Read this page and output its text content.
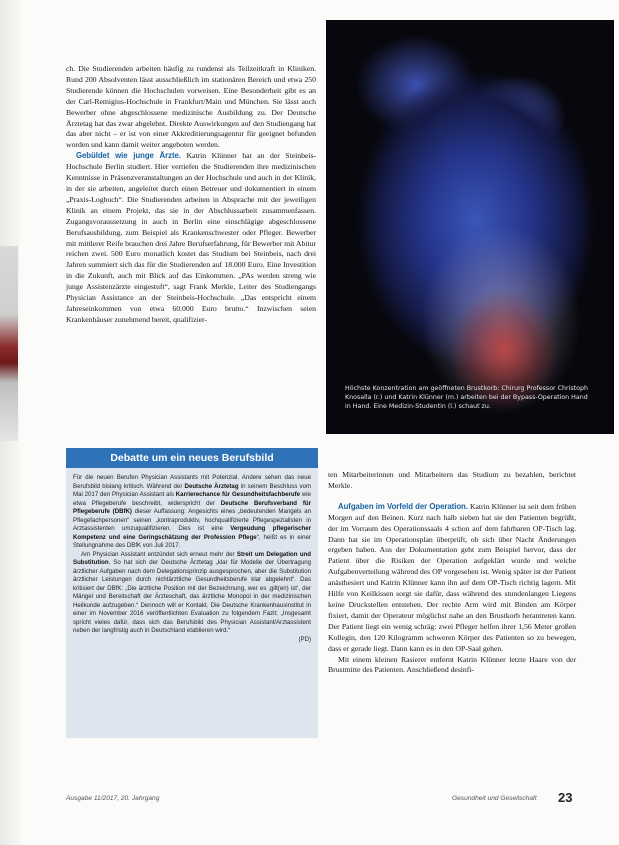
ch. Die Studierenden arbeiten häufig zu rundenst als Teilzeitkraft in Kliniken. Rund 200 Absolventen lässt ausschließlich im stationären Bereich und etwa 250 Studierende können die Hochschulen vorweisen. Eine Besonderheit gibt es an der Carl-Remigius-Hochschule in Frankfurt/Main und München. Sie lässt auch Bewerber ohne abgeschlossene medizinische Ausbildung zu. Der Deutsche Ärztetag hat das zwar abgelehnt. Direkte Auswirkungen auf den Studiengang hat das aber nicht – er ist von einer Akkreditierungsagentur für geeignet befunden worden und kann damit weiter angeboten werden.

Gebüldet wie junge Ärzte. Katrin Klünner hat an der Steinbeis-Hochschule Berlin studiert. Hier vertiefen die Studierenden ihre medizinischen Kenntnisse in Präsenzveranstaltungen an der Hochschule und auch in der Klinik, in der sie arbeiten, angeleitet durch einen Betreuer und dokumentiert in einem „Praxis-Logbuch“. Die Studierenden arbeiten in Absprache mit der jeweiligen Klinik an einem Projekt, das sie in der Abschlussarbeit zusammenfassen. Zugangsvoraussetzung in auch in Berlin eine einschlägige abgeschlossene Berufsausbildung, zum Beispiel als Krankenschwester oder Pfleger. Bewerber mit mittlerer Reife brauchen drei Jahre Berufserfahrung, für Bewerber mit Abitur reichen zwei. 500 Euro monatlich kostet das Studium bei Steinbeis, nach drei Jahren summiert sich das für die Studierenden auf 18.000 Euro. Eine Investition in die Zukunft, auch mit Blick auf das Einkommen. „PAs werden streng wie junge Assistenzärzte eingestuft“, sagt Frank Merkle, Leiter des Studiengangs Physician Assistance an der Steinbeis-Hochschule. „Das entspricht einem Jahreseinkommen von etwa 60.000 Euro brutto.“ Inzwischen seien Krankenhäuser zunehmend bereit, qualifizier-

Höchste Konzentration am geöffneten Brustkorb: Chirurg Professor Christoph Knosalla (r.) und Katrin Klünner (m.) arbeiten bei der Bypass-Operation Hand in Hand. Eine Medizin-Studentin (l.) schaut zu.
Debatte um ein neues Berufsbild

Für die neuen Berufen Physician Assistants mit Potenzial. Andere sehen das neue Berufsbild bislang kritisch. Während der Deutsche Ärztetag in seinem Beschluss vom Mai 2017 den Physician Assistant als Karrierechance für Gesundheitsfachberufe wie etwa Pflegeberufe beschreibt, widerspricht der Deutsche Berufsverband für Pflegeberufe (DBfK) dieser Auffassung: Angesichts eines „bedeutenden Mangels an Pflegefachpersonen“ seinen „kontraproduktiv, hochqualifizierte Pflegespezialisten in Arztassistenten umzuqualifizieren. Dies ist eine Vergeudung pflegerischer Kompetenz und eine Geringschätzung der Profession Pflege“, heißt es in einer Stellungnahme des DBfK von Juli 2017.

Am Physician Assistant entzündet sich erneut mehr der Streit um Delegation und Substitution. So hat sich der Deutsche Ärztetag „klar für Modelle der Übertragung ärztlicher Aufgaben nach dem Delegationsprinzip ausgesprochen, aber die Substitution ärztlicher Leistungen durch nichtärztliche Gesundheitsberufe klar abgelehnt“. Das kritisiert der DBfK: „Die ärztliche Position mit der Bezeichnung, wer es ‚gilt(en) ist‘, der Mängel und Bereitschaft der Ärzteschaft, das ärztliche Monopol in der medizinischen Heilkunde aufzugeben.“ Dennoch will er Kontakt. Die Deutsche Krankenhausinstitut in einer im November 2016 veröffentlichten Evaluation zu folgendem Fazit: „Insgesamt spricht vieles dafür, dass sich das Berufsbild des Physician Assistant/Arztassistent neben der langfristig auch in Deutschland etablieren wird.“

(PD)

ten Mitarbeiterinnen und Mitarbeitern das Studium zu bezahlen, berichtet Merkle.

Aufgaben im Vorfeld der Operation. Katrin Klünner ist seit dem frühen Morgen auf den Beinen. Kurz nach halb sieben hat sie den Patienten begrüßt, der im Vorraum des Operationssaals 4 schon auf dem fahrbaren OP-Tisch lag. Dann hat sie im Operationsplan überprüft, ob sich über Nacht Änderungen ergeben haben. Aus der Dokumentation geht zum Beispiel hervor, dass der Patient über die Risiken der Operation aufgeklärt wurde und welche Aufgabenverteilung während des OP vorgesehen ist. Wenig später ist der Patient anästhesiert und Katrin Klünner kann ihn auf dem OP-Tisch richtig lagern. Mit Hilfe von Keilkissen sorgt sie dafür, dass während des stundenlangen Liegens keine Druckstellen entstehen. Der rechte Arm wird mit Binden am Körper fixiert, damit der Operateur möglichst nahe an den Brustkorb herantreten kann. Der Patient liegt ein wenig schräg: zwei Pfleger helfen ihrer 1,56 Meter großen Kollegin, den 120 Kilogramm schweren Körper des Patienten so zu bewegen, dass er gerade liegt. Dann kann es in den OP-Saal gehen.

Mit einem kleinen Rasierer entfernt Katrin Klünner letzte Haare von der Brustmitte des Patienten. Anschließend desinfi-

Ausgabe 11/2017, 20. Jahrgang	Gesundheit und Gesellschaft 23
